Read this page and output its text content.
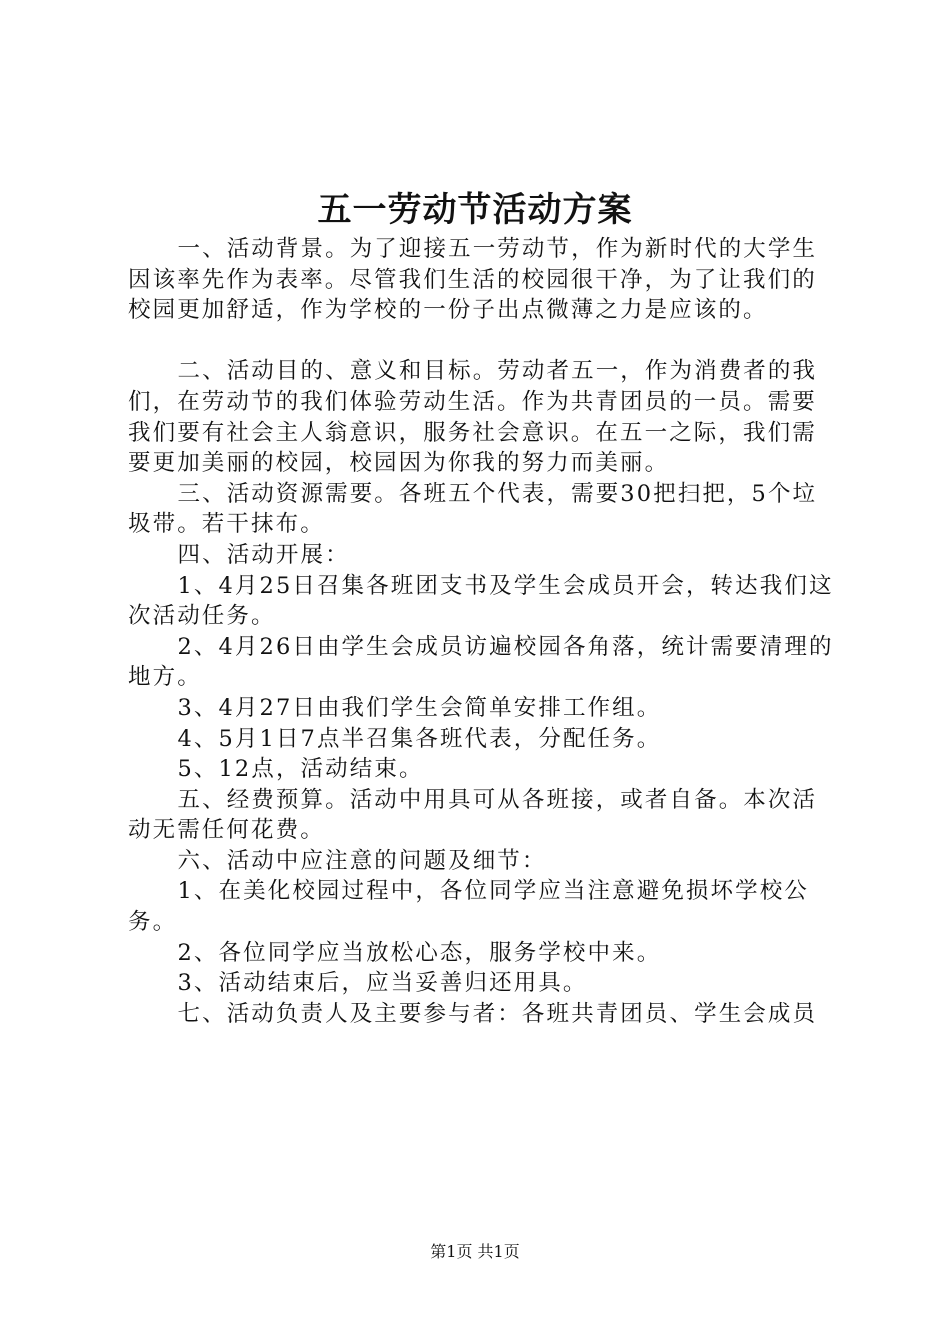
五一劳动节活动方案

一、活动背景。为了迎接五一劳动节，作为新时代的大学生因该率先作为表率。尽管我们生活的校园很干净，为了让我们的校园更加舒适，作为学校的一份子出点微薄之力是应该的。

二、活动目的、意义和目标。劳动者五一，作为消费者的我们，在劳动节的我们体验劳动生活。作为共青团员的一员。需要我们要有社会主人翁意识，服务社会意识。在五一之际，我们需要更加美丽的校园，校园因为你我的努力而美丽。

三、活动资源需要。各班五个代表，需要30把扫把，5个垃圾带。若干抹布。

四、活动开展：

1、4月25日召集各班团支书及学生会成员开会，转达我们这次活动任务。

2、4月26日由学生会成员访遍校园各角落，统计需要清理的地方。

3、4月27日由我们学生会简单安排工作组。

4、5月1日7点半召集各班代表，分配任务。

5、12点，活动结束。

五、经费预算。活动中用具可从各班接，或者自备。本次活动无需任何花费。

六、活动中应注意的问题及细节：

1、在美化校园过程中，各位同学应当注意避免损坏学校公务。

2、各位同学应当放松心态，服务学校中来。

3、活动结束后，应当妥善归还用具。

七、活动负责人及主要参与者：各班共青团员、学生会成员

第1页 共1页
